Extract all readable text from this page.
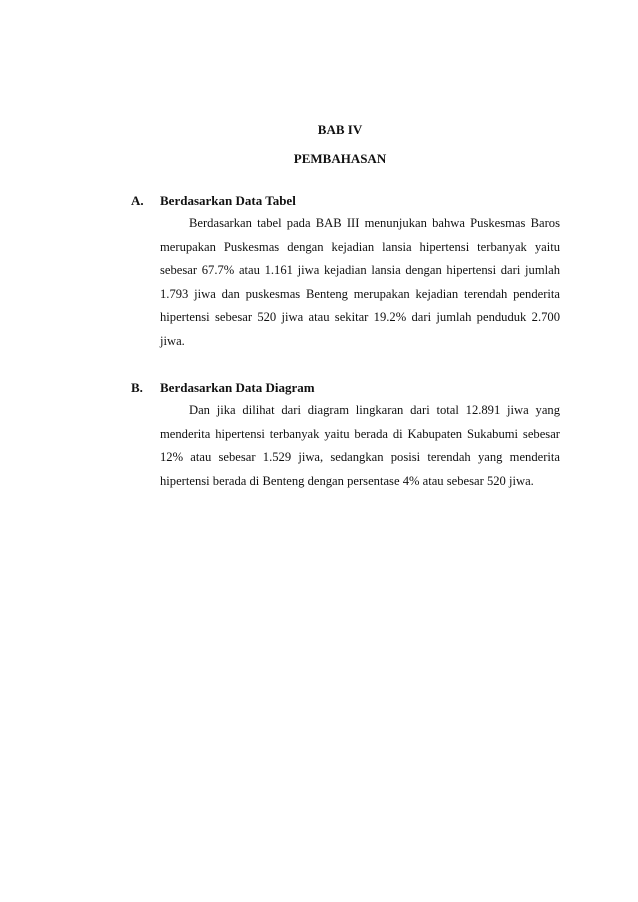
BAB IV
PEMBAHASAN
A. Berdasarkan Data Tabel

Berdasarkan tabel pada BAB III menunjukan bahwa Puskesmas Baros merupakan Puskesmas dengan kejadian lansia hipertensi terbanyak yaitu sebesar 67.7% atau 1.161 jiwa kejadian lansia dengan hipertensi dari jumlah 1.793 jiwa dan puskesmas Benteng merupakan kejadian terendah penderita hipertensi sebesar 520 jiwa atau sekitar 19.2% dari jumlah penduduk 2.700 jiwa.

B. Berdasarkan Data Diagram

Dan jika dilihat dari diagram lingkaran dari total 12.891 jiwa yang menderita hipertensi terbanyak yaitu berada di Kabupaten Sukabumi sebesar 12% atau sebesar 1.529 jiwa, sedangkan posisi terendah yang menderita hipertensi berada di Benteng dengan persentase 4% atau sebesar 520 jiwa.
